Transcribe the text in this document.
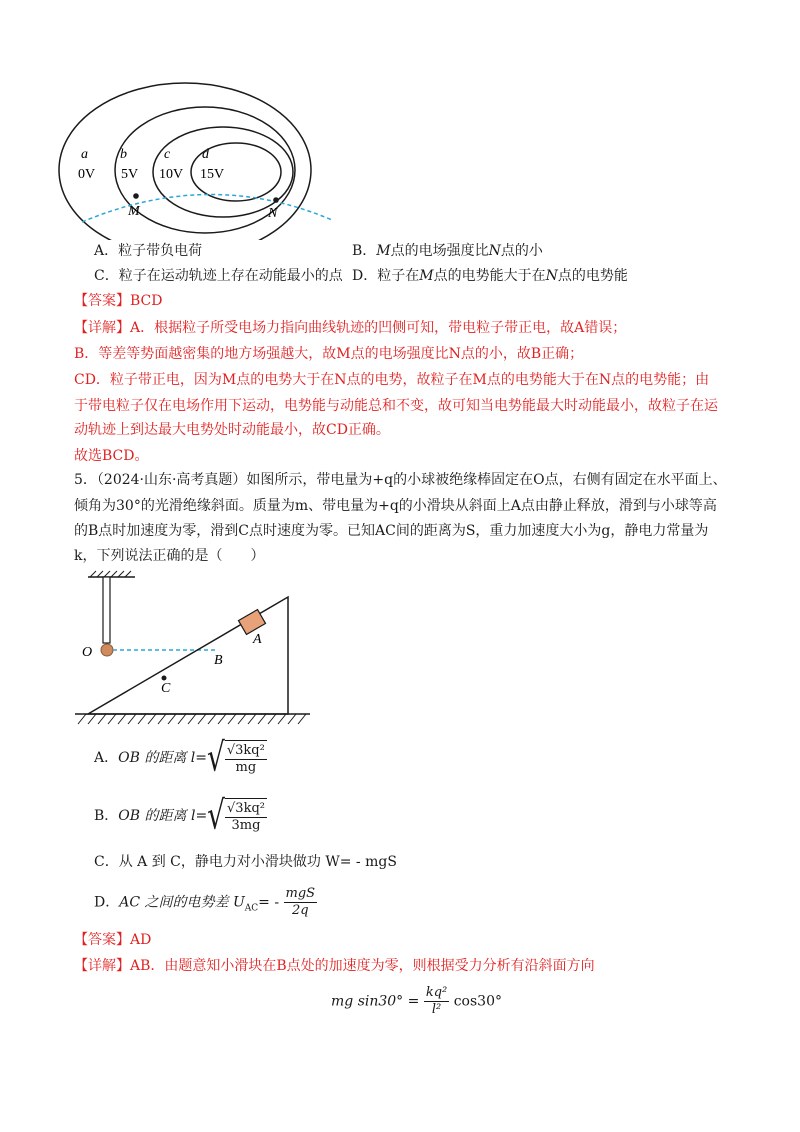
a
0V
b
5V
c
10V
d
15V
M	N
A．粒子带负电荷	B．M点的电场强度比N点的小
C．粒子在运动轨迹上存在动能最小的点 D．粒子在M点的电势能大于在N点的电势能
【答案】BCD
【详解】A．根据粒子所受电场力指向曲线轨迹的凹侧可知，带电粒子带正电，故A错误；
B．等差等势面越密集的地方场强越大，故M点的电场强度比N点的小，故B正确；
CD．粒子带正电，因为M点的电势大于在N点的电势，故粒子在M点的电势能大于在N点的电势能；由
于带电粒子仅在电场作用下运动，电势能与动能总和不变，故可知当电势能最大时动能最小，故粒子在运
动轨迹上到达最大电势处时动能最小，故CD正确。
故选BCD。
5．（2024·山东·高考真题）如图所示，带电量为+q的小球被绝缘棒固定在O点，右侧有固定在水平面上、
倾角为30°的光滑绝缘斜面。质量为m、带电量为+q的小滑块从斜面上A点由静止释放，滑到与小球等高
的B点时加速度为零，滑到C点时速度为零。已知AC间的距离为S，重力加速度大小为g，静电力常量为
k，下列说法正确的是（　　）
O
A
B
C
A．OB 的距离 $l=√ \frac{\text{√3kq²}}{mg}$
B．OB 的距离 $l=√ \frac{\text{√3kq²}}{3mg}$
C．从 A 到 C，静电力对小滑块做功 W= - mgS
D．AC 之间的电势差 $U_{AC}= - \frac{\text{mgS}}{2q}$
【答案】AD
【详解】AB．由题意知小滑块在B点处的加速度为零，则根据受力分析有沿斜面方向
mg $\sin 30^\circ = \frac{\text{kq²}}{\text{l²}} \cos 30^\circ$
